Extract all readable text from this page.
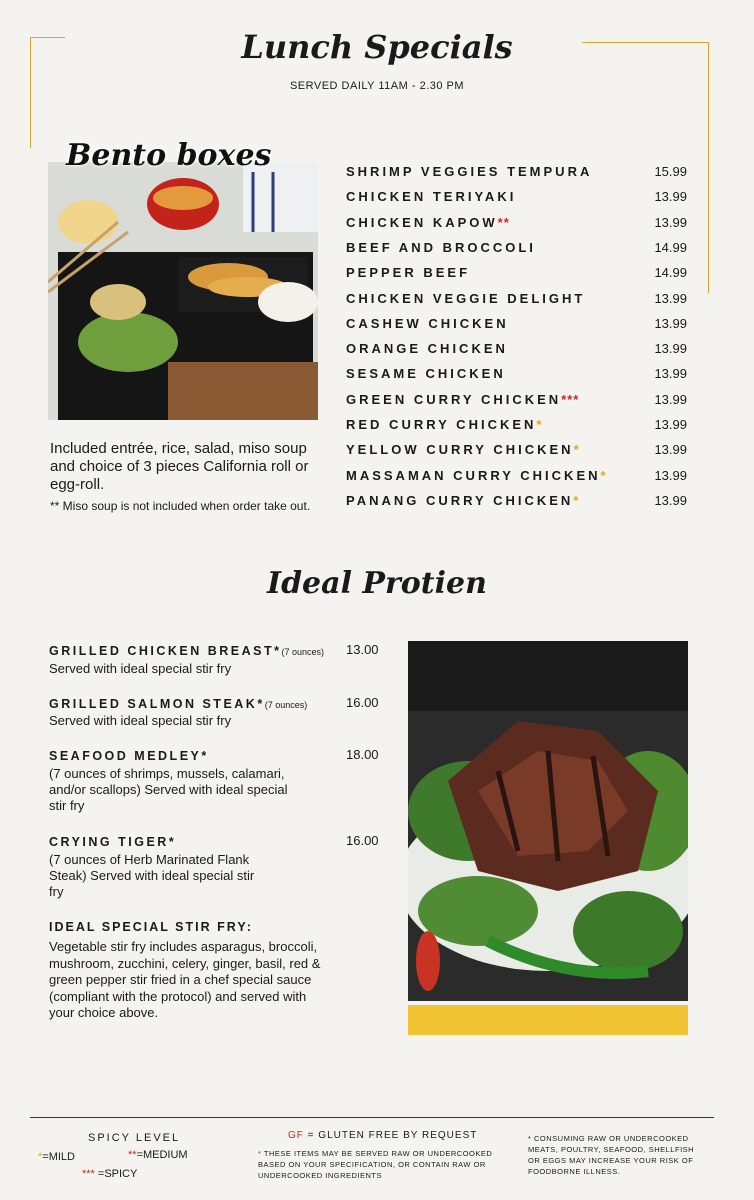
Lunch Specials
SERVED DAILY 11AM - 2.30 PM
Bento boxes
Included entrée, rice, salad, miso soup and choice of 3 pieces California roll or egg-roll.
** Miso soup is not included when order take out.
SHRIMP VEGGIES TEMPURA	15.99
CHICKEN TERIYAKI	13.99
CHICKEN KAPOW**	13.99
BEEF AND BROCCOLI	14.99
PEPPER BEEF	14.99
CHICKEN VEGGIE DELIGHT	13.99
CASHEW CHICKEN	13.99
ORANGE CHICKEN	13.99
SESAME CHICKEN	13.99
GREEN CURRY CHICKEN***	13.99
RED CURRY CHICKEN*	13.99
YELLOW CURRY CHICKEN*	13.99
MASSAMAN CURRY CHICKEN*	13.99
PANANG CURRY CHICKEN*	13.99
Ideal Protien
GRILLED CHICKEN BREAST*(7 ounces)
Served with ideal special stir fry
13.00
GRILLED SALMON STEAK*(7 ounces)
Served with ideal special stir fry
16.00
SEAFOOD MEDLEY*
(7 ounces of shrimps, mussels, calamari, and/or scallops) Served with ideal special stir fry
18.00
CRYING TIGER*
(7 ounces of Herb Marinated Flank Steak) Served with ideal special stir fry
16.00
IDEAL SPECIAL STIR FRY:
Vegetable stir fry includes asparagus, broccoli, mushroom, zucchini, celery, ginger, basil, red & green pepper stir fried in a chef special sauce (compliant with the protocol) and served with your choice above.
SPICY LEVEL
*=MILD	**=MEDIUM
*** =SPICY
GF = GLUTEN FREE BY REQUEST
* THESE ITEMS MAY BE SERVED RAW OR UNDERCOOKED BASED ON YOUR SPECIFICATION, OR CONTAIN RAW OR UNDERCOOKED INGREDIENTS
* CONSUMING RAW OR UNDERCOOKED MEATS, POULTRY, SEAFOOD, SHELLFISH OR EGGS MAY INCREASE YOUR RISK OF FOODBORNE ILLNESS.
